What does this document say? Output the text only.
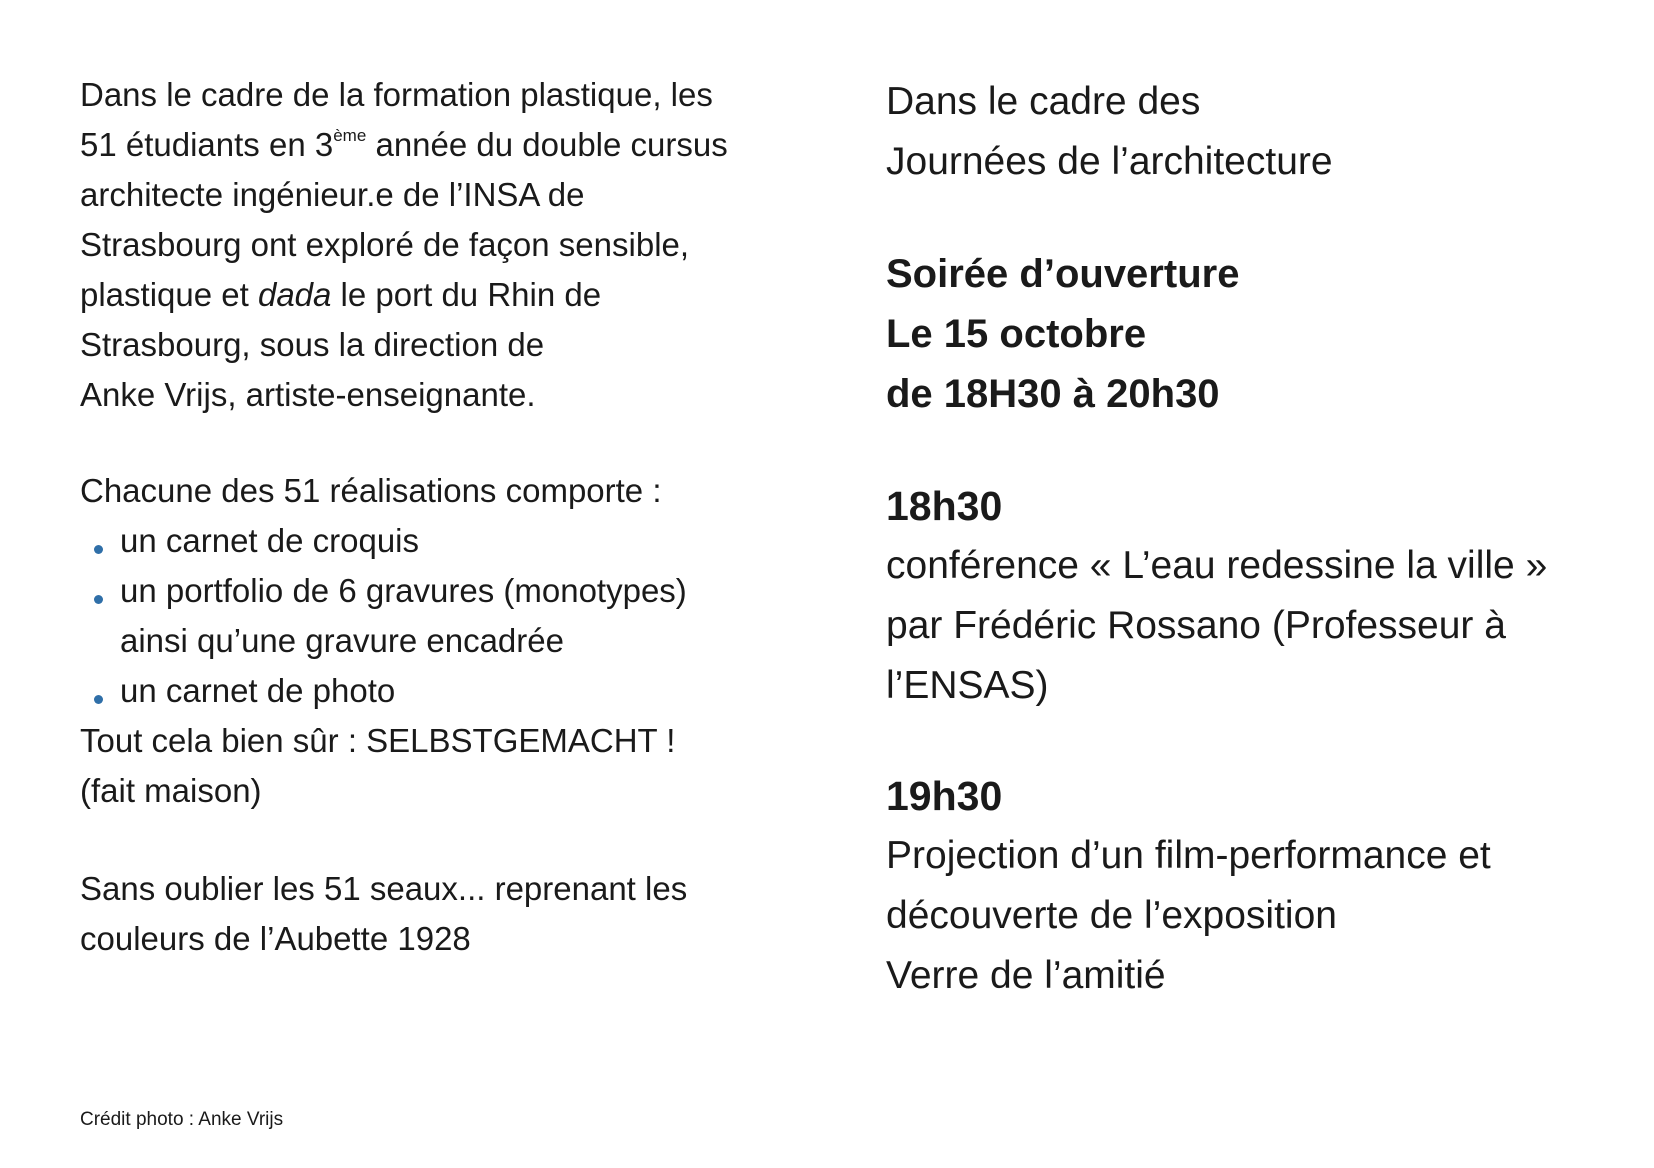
Dans le cadre de la formation plastique, les 51 étudiants en 3ème année du double cursus architecte ingénieur.e de l’INSA de Strasbourg ont exploré de façon sensible, plastique et dada le port du Rhin de Strasbourg, sous la direction de
Anke Vrijs, artiste-enseignante.

Chacune des 51 réalisations comporte :

un carnet de croquis
un portfolio de 6 gravures (monotypes) ainsi qu’une gravure encadrée
un carnet de photo

Tout cela bien sûr : SELBSTGEMACHT !

(fait maison)

Sans oublier les 51 seaux... reprenant les couleurs de l’Aubette 1928

Dans le cadre des

Journées de l’architecture

Soirée d’ouverture

Le 15 octobre

de 18H30 à 20h30

18h30

conférence « L’eau redessine la ville »

par Frédéric Rossano (Professeur à

l’ENSAS)

19h30

Projection d’un film-performance et

découverte de l’exposition

Verre de l’amitié

Crédit photo : Anke Vrijs
